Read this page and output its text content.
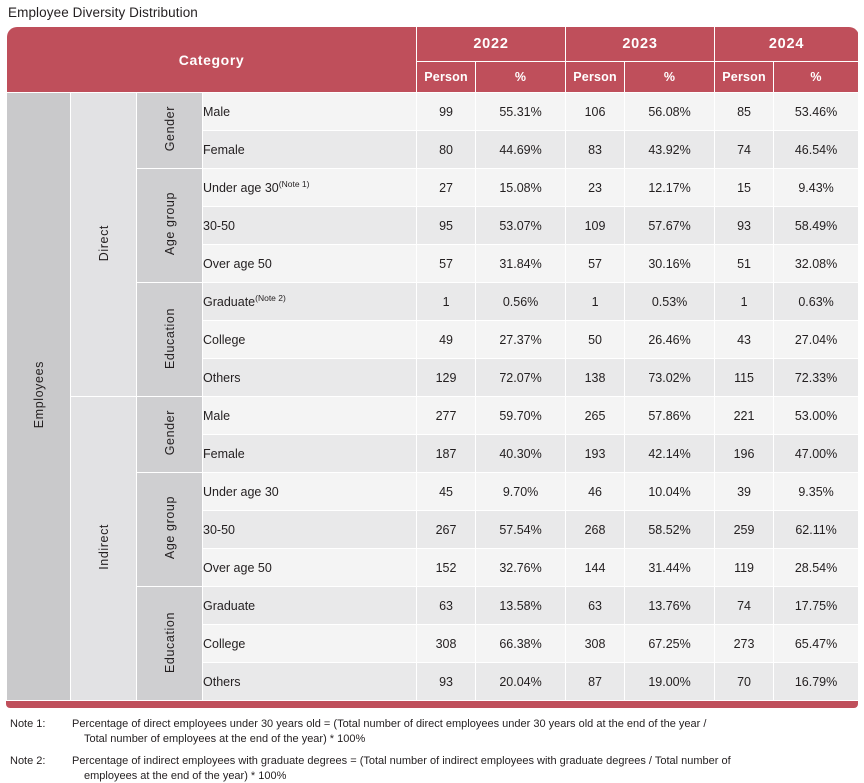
Employee Diversity Distribution
Category				2022		2023		2024	
				Person	%	Person	%	Person	%
Employees	Direct	Gender	Male	99	55.31%	106	56.08%	85	53.46%
			Female	80	44.69%	83	43.92%	74	46.54%
		Age group	Under age 30$^{(Note 1)}$	27	15.08%	23	12.17%	15	9.43%
			30-50	95	53.07%	109	57.67%	93	58.49%
			Over age 50	57	31.84%	57	30.16%	51	32.08%
		Education	Graduate$^{(Note 2)}$	1	0.56%	1	0.53%	1	0.63%
			College	49	27.37%	50	26.46%	43	27.04%
			Others	129	72.07%	138	73.02%	115	72.33%
	Indirect	Gender	Male	277	59.70%	265	57.86%	221	53.00%
			Female	187	40.30%	193	42.14%	196	47.00%
		Age group	Under age 30	45	9.70%	46	10.04%	39	9.35%
			30-50	267	57.54%	268	58.52%	259	62.11%
			Over age 50	152	32.76%	144	31.44%	119	28.54%
		Education	Graduate	63	13.58%	63	13.76%	74	17.75%
			College	308	66.38%	308	67.25%	273	65.47%
			Others	93	20.04%	87	19.00%	70	16.79%
Note 1:	Percentage of direct employees under 30 years old = (Total number of direct employees under 30 years old at the end of the year /
Total number of employees at the end of the year) * 100%
Note 2:	Percentage of indirect employees with graduate degrees = (Total number of indirect employees with graduate degrees / Total number of
employees at the end of the year) * 100%
